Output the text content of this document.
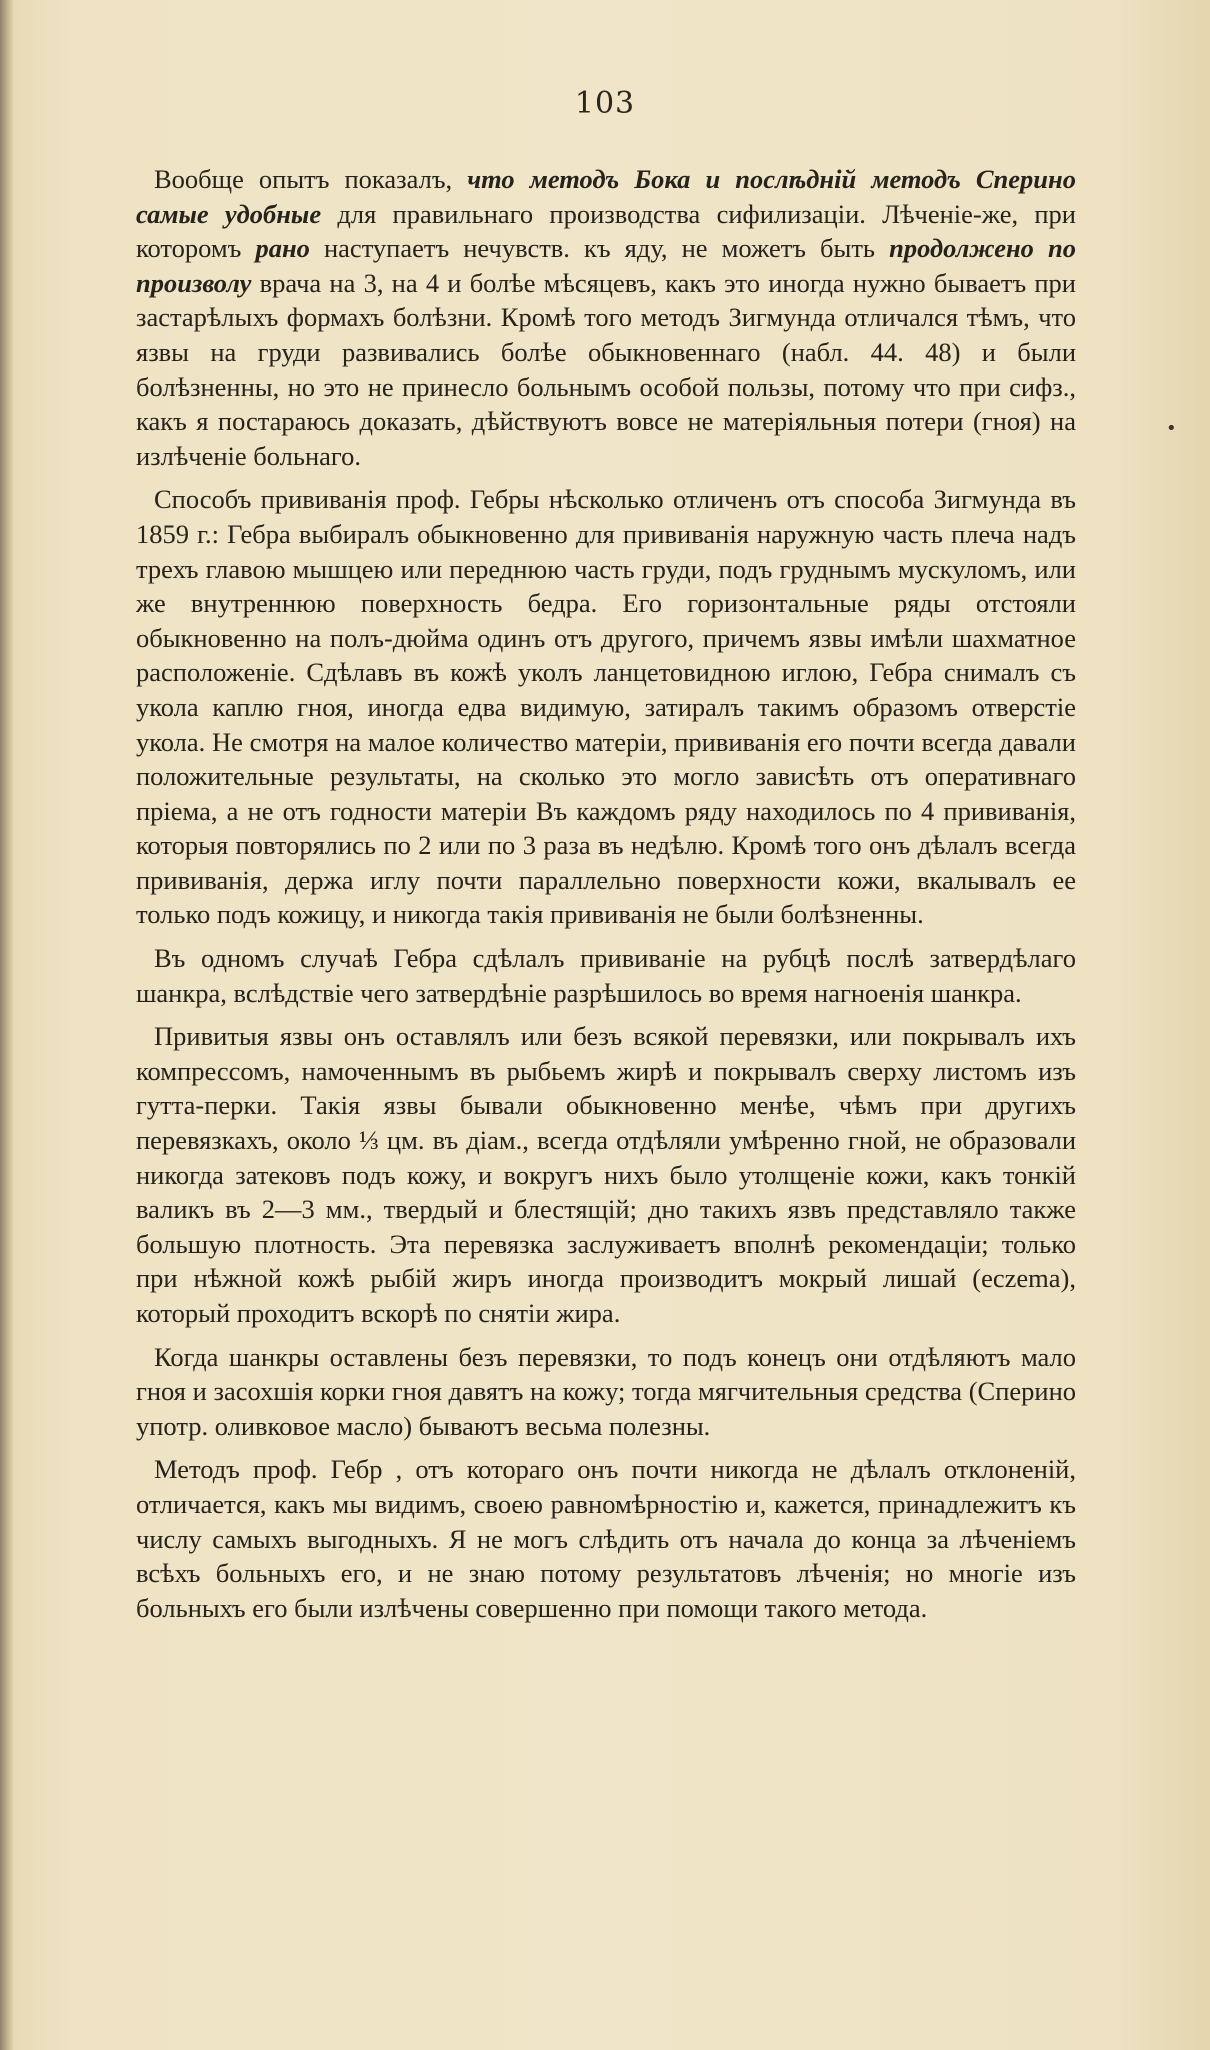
103

Вообще опытъ показалъ, что методъ Бока и послѣдній методъ Сперино самые удобные для правильнаго производства сифилизаціи. Лѣченіе-же, при которомъ рано наступаетъ нечувств. къ яду, не можетъ быть продолжено по произволу врача на 3, на 4 и болѣе мѣсяцевъ, какъ это иногда нужно бываетъ при застарѣлыхъ формахъ болѣзни. Кромѣ того методъ Зигмунда отличался тѣмъ, что язвы на груди развивались болѣе обыкновеннаго (набл. 44. 48) и были болѣзненны, но это не принесло больнымъ особой пользы, потому что при сифз., какъ я постараюсь доказать, дѣйствуютъ вовсе не матеріяльныя потери (гноя) на излѣченіе больнаго.

Способъ прививанія проф. Гебры нѣсколько отличенъ отъ способа Зигмунда въ 1859 г.: Гебра выбиралъ обыкновенно для прививанія наружную часть плеча надъ трехъ главою мышцею или переднюю часть груди, подъ груднымъ мускуломъ, или же внутреннюю поверхность бедра. Его горизонтальные ряды отстояли обыкновенно на полъ-дюйма одинъ отъ другого, причемъ язвы имѣли шахматное расположеніе. Сдѣлавъ въ кожѣ уколъ ланцетовидною иглою, Гебра снималъ съ укола каплю гноя, иногда едва видимую, затиралъ такимъ образомъ отверстіе укола. Не смотря на малое количество матеріи, прививанія его почти всегда давали положительные результаты, на сколько это могло зависѣть отъ оперативнаго пріема, а не отъ годности матеріи Въ каждомъ ряду находилось по 4 прививанія, которыя повторялись по 2 или по 3 раза въ недѣлю. Кромѣ того онъ дѣлалъ всегда прививанія, держа иглу почти параллельно поверхности кожи, вкалывалъ ее только подъ кожицу, и никогда такія прививанія не были болѣзненны.

Въ одномъ случаѣ Гебра сдѣлалъ прививаніе на рубцѣ послѣ затвердѣлаго шанкра, вслѣдствіе чего затвердѣніе разрѣшилось во время нагноенія шанкра.

Привитыя язвы онъ оставлялъ или безъ всякой перевязки, или покрывалъ ихъ компрессомъ, намоченнымъ въ рыбьемъ жирѣ и покрывалъ сверху листомъ изъ гутта-перки. Такія язвы бывали обыкновенно менѣе, чѣмъ при другихъ перевязкахъ, около ⅓ цм. въ діам., всегда отдѣляли умѣренно гной, не образовали никогда затековъ подъ кожу, и вокругъ нихъ было утолщеніе кожи, какъ тонкій валикъ въ 2—3 мм., твердый и блестящій; дно такихъ язвъ представляло также большую плотность. Эта перевязка заслуживаетъ вполнѣ рекомендаціи; только при нѣжной кожѣ рыбій жиръ иногда производитъ мокрый лишай (eczema), который проходитъ вскорѣ по снятіи жира.

Когда шанкры оставлены безъ перевязки, то подъ конецъ они отдѣляютъ мало гноя и засохшія корки гноя давятъ на кожу; тогда мягчительныя средства (Сперино употр. оливковое масло) бываютъ весьма полезны.

Методъ проф. Гебр , отъ котораго онъ почти никогда не дѣлалъ отклоненій, отличается, какъ мы видимъ, своею равномѣрностію и, кажется, принадлежитъ къ числу самыхъ выгодныхъ. Я не могъ слѣдить отъ начала до конца за лѣченіемъ всѣхъ больныхъ его, и не знаю потому результатовъ лѣченія; но многіе изъ больныхъ его были излѣчены совершенно при помощи такого метода.

•
